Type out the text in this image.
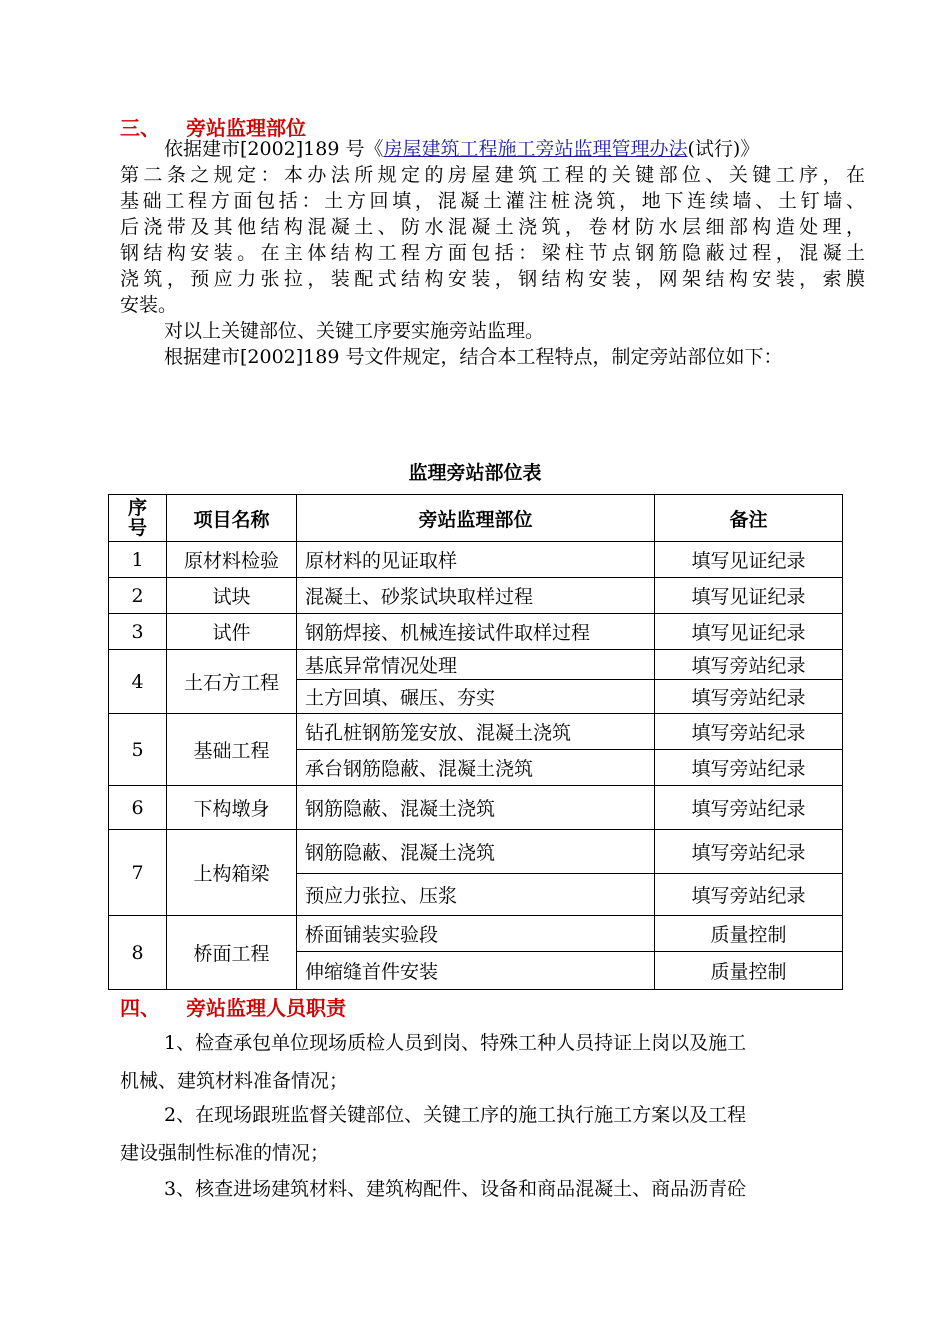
三、 旁站监理部位
依据建市[2002]189 号《房屋建筑工程施工旁站监理管理办法(试行)》
第二条之规定：本办法所规定的房屋建筑工程的关键部位、关键工序，在
基础工程方面包括：土方回填，混凝土灌注桩浇筑，地下连续墙、土钉墙、
后浇带及其他结构混凝土、防水混凝土浇筑，卷材防水层细部构造处理，
钢结构安装。在主体结构工程方面包括：梁柱节点钢筋隐蔽过程，混凝土
浇筑，预应力张拉，装配式结构安装，钢结构安装，网架结构安装，索膜
安装。
对以上关键部位、关键工序要实施旁站监理。
根据建市[2002]189 号文件规定，结合本工程特点，制定旁站部位如下：
监理旁站部位表
序号	项目名称	旁站监理部位	备注
1	原材料检验	原材料的见证取样	填写见证纪录
2	试块	混凝土、砂浆试块取样过程	填写见证纪录
3	试件	钢筋焊接、机械连接试件取样过程	填写见证纪录
4	土石方工程	基底异常情况处理	填写旁站纪录
		土方回填、碾压、夯实	填写旁站纪录
5	基础工程	钻孔桩钢筋笼安放、混凝土浇筑	填写旁站纪录
		承台钢筋隐蔽、混凝土浇筑	填写旁站纪录
6	下构墩身	钢筋隐蔽、混凝土浇筑	填写旁站纪录
7	上构箱梁	钢筋隐蔽、混凝土浇筑	填写旁站纪录
		预应力张拉、压浆	填写旁站纪录
8	桥面工程	桥面铺装实验段	质量控制
		伸缩缝首件安装	质量控制
四、 旁站监理人员职责
1、检查承包单位现场质检人员到岗、特殊工种人员持证上岗以及施工
机械、建筑材料准备情况；
2、在现场跟班监督关键部位、关键工序的施工执行施工方案以及工程
建设强制性标准的情况；
3、核查进场建筑材料、建筑构配件、设备和商品混凝土、商品沥青砼
